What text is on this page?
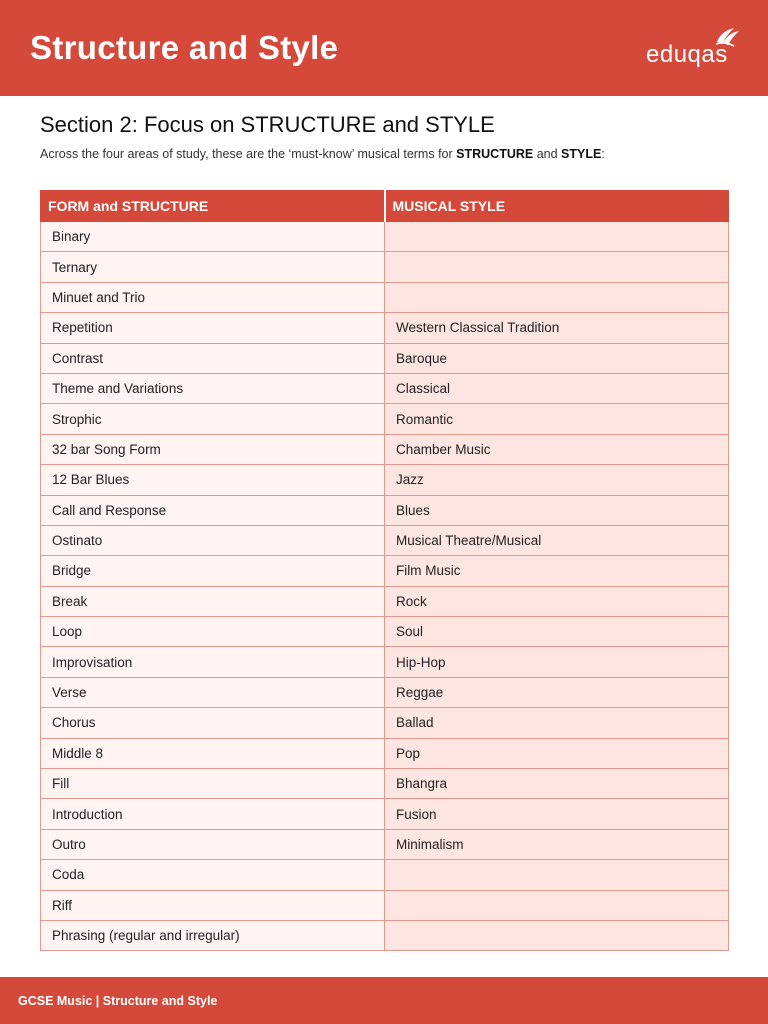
Structure and Style	eduqas
Section 2: Focus on STRUCTURE and STYLE
Across the four areas of study, these are the ‘must-know’ musical terms for STRUCTURE and STYLE:
FORM and STRUCTURE	MUSICAL STYLE
Binary	
Ternary	
Minuet and Trio	
Repetition	Western Classical Tradition
Contrast	Baroque
Theme and Variations	Classical
Strophic	Romantic
32 bar Song Form	Chamber Music
12 Bar Blues	Jazz
Call and Response	Blues
Ostinato	Musical Theatre/Musical
Bridge	Film Music
Break	Rock
Loop	Soul
Improvisation	Hip-Hop
Verse	Reggae
Chorus	Ballad
Middle 8	Pop
Fill	Bhangra
Introduction	Fusion
Outro	Minimalism
Coda	
Riff	
Phrasing (regular and irregular)	
GCSE Music | Structure and Style
